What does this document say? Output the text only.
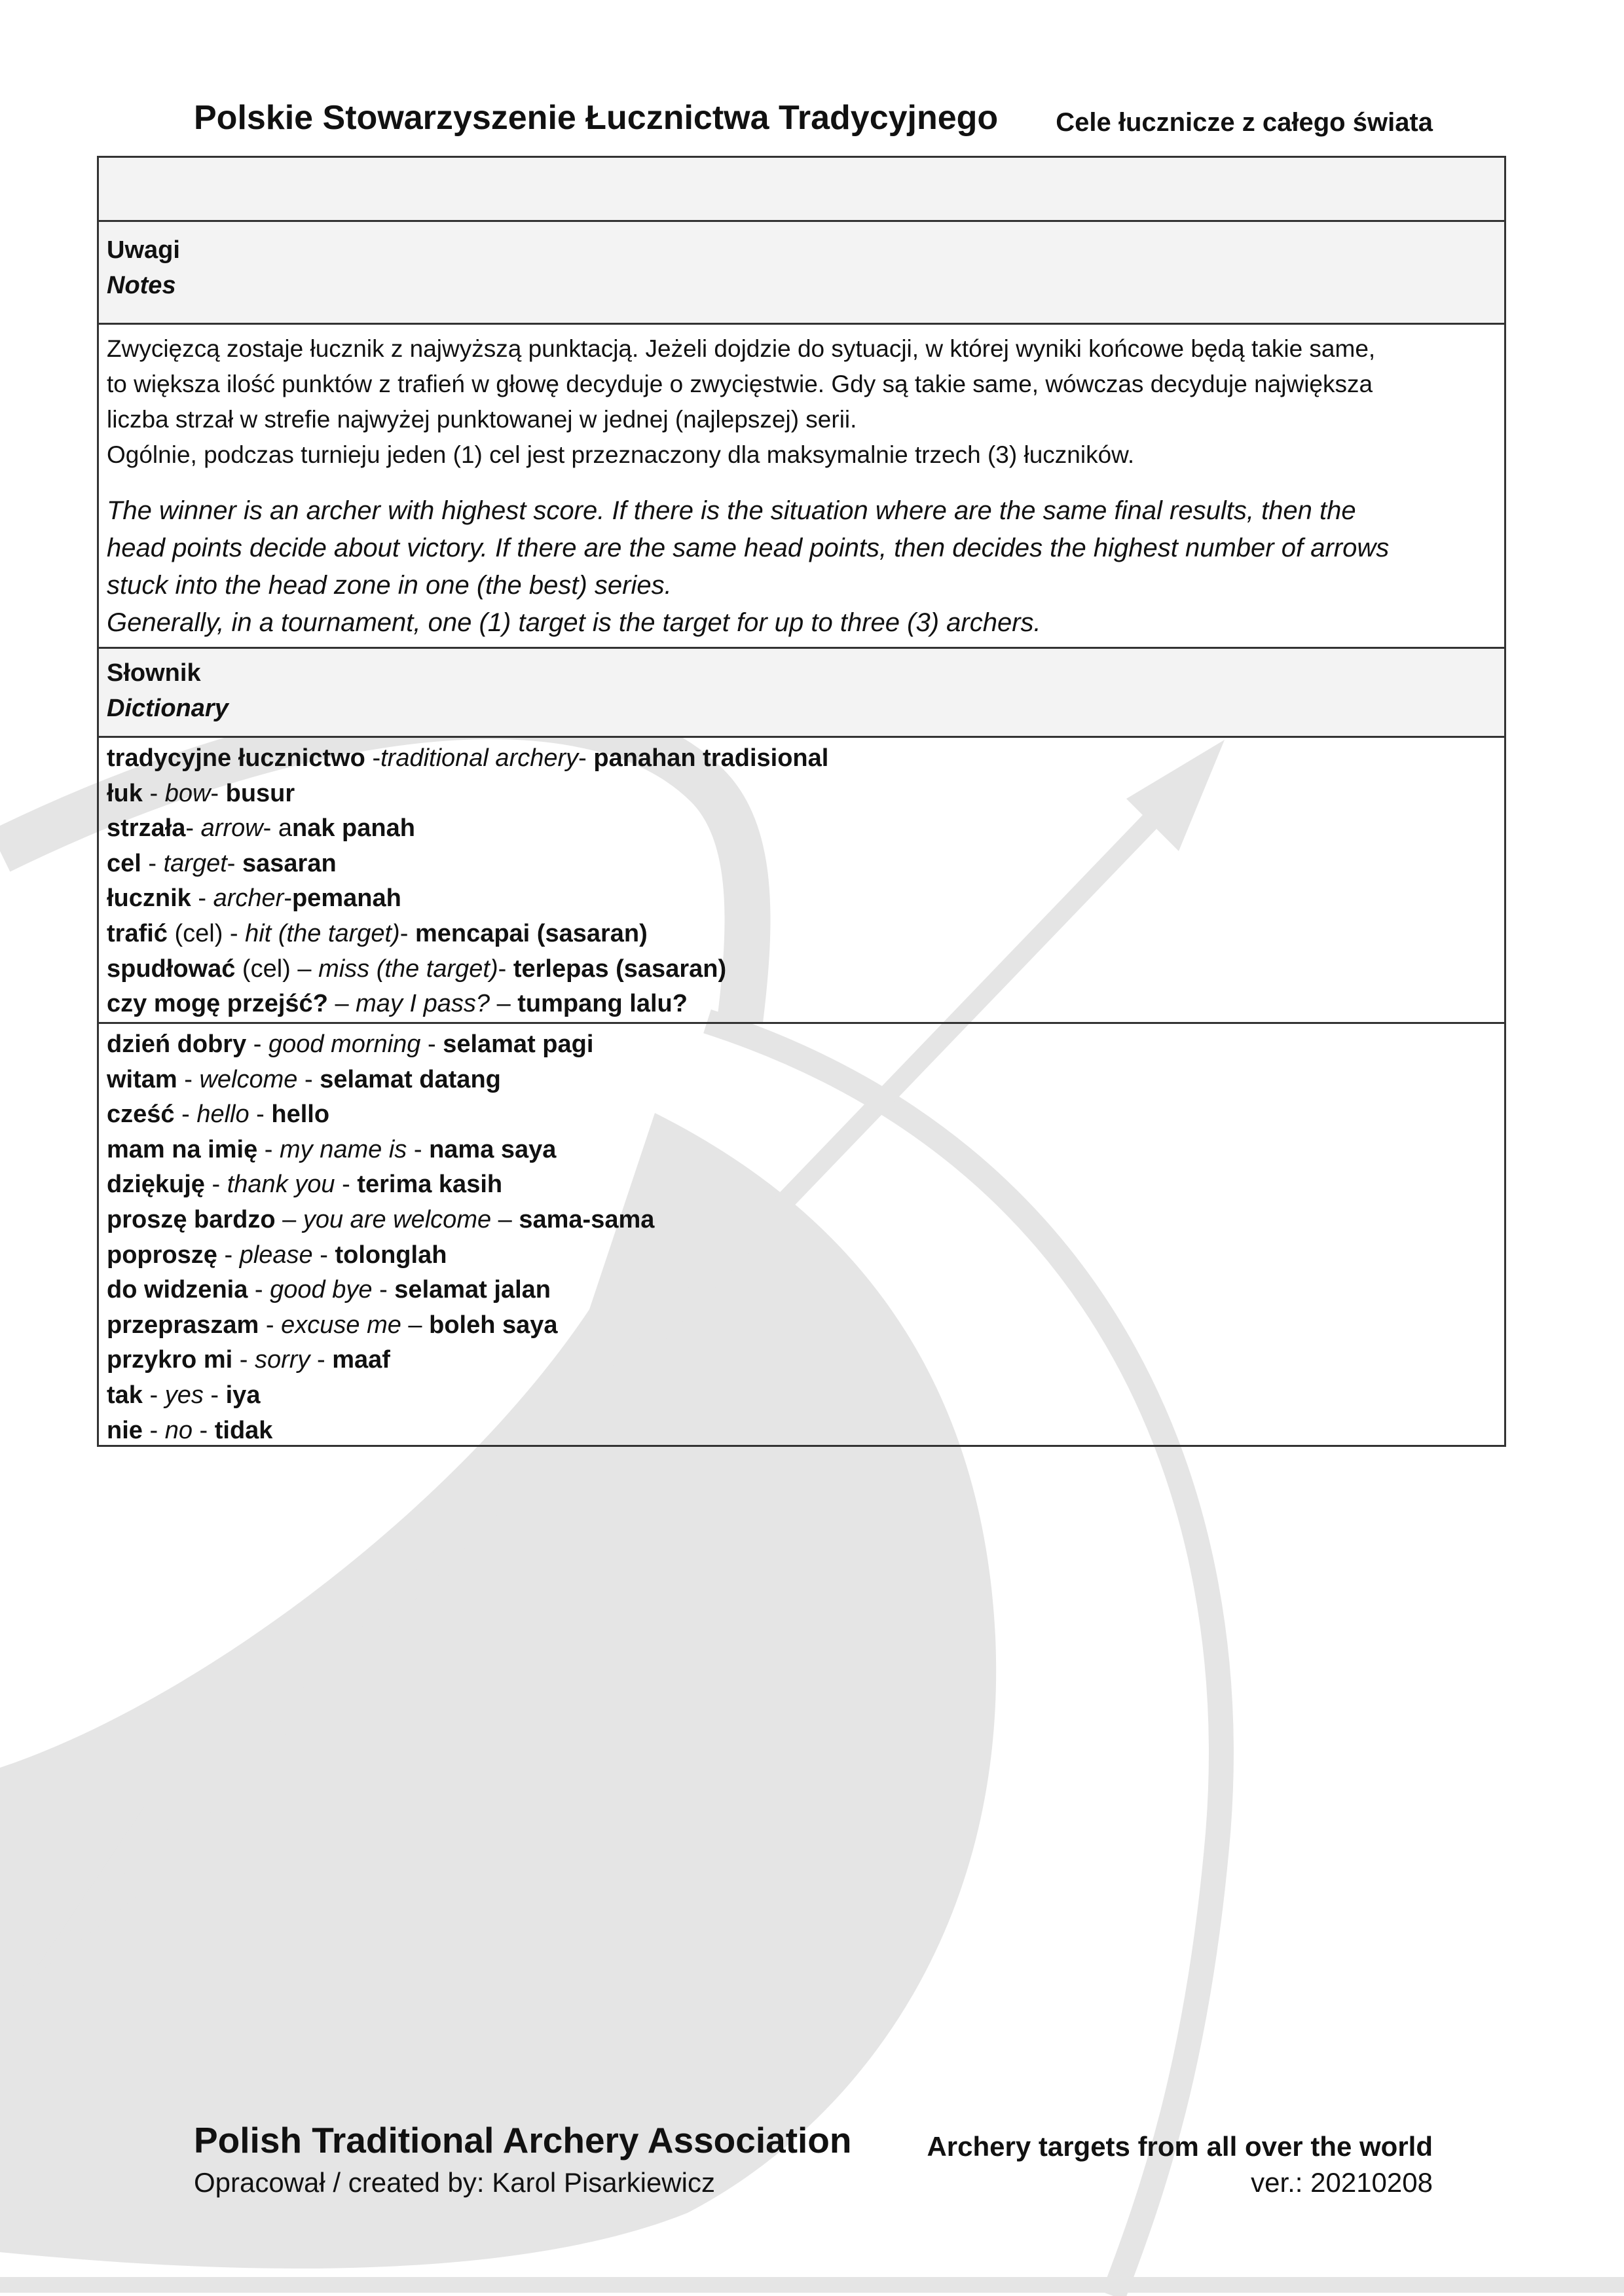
Polskie Stowarzyszenie Łucznictwa Tradycyjnego Cele łucznicze z całego świata
Uwagi
Notes
Zwycięzcą zostaje łucznik z najwyższą punktacją. Jeżeli dojdzie do sytuacji, w której wyniki końcowe będą takie same,
to większa ilość punktów z trafień w głowę decyduje o zwycięstwie. Gdy są takie same, wówczas decyduje największa
liczba strzał w strefie najwyżej punktowanej w jednej (najlepszej) serii.
Ogólnie, podczas turnieju jeden (1) cel jest przeznaczony dla maksymalnie trzech (3) łuczników.
The winner is an archer with highest score. If there is the situation where are the same final results, then the
head points decide about victory. If there are the same head points, then decides the highest number of arrows
stuck into the head zone in one (the best) series.
Generally, in a tournament, one (1) target is the target for up to three (3) archers.
Słownik
Dictionary
tradycyjne łucznictwo -traditional archery- panahan tradisional
łuk - bow- busur
strzała- arrow- anak panah
cel - target- sasaran
łucznik - archer-pemanah
trafić (cel) - hit (the target)- mencapai (sasaran)
spudłować (cel) – miss (the target)- terlepas (sasaran)
czy mogę przejść? – may I pass? – tumpang lalu?
dzień dobry - good morning - selamat pagi
witam - welcome - selamat datang
cześć - hello - hello
mam na imię - my name is - nama saya
dziękuję - thank you - terima kasih
proszę bardzo – you are welcome – sama-sama
poproszę - please - tolonglah
do widzenia - good bye - selamat jalan
przepraszam - excuse me – boleh saya
przykro mi - sorry - maaf
tak - yes - iya
nie - no - tidak
Polish Traditional Archery Association
Opracował / created by: Karol Pisarkiewicz
Archery targets from all over the world
ver.: 20210208
